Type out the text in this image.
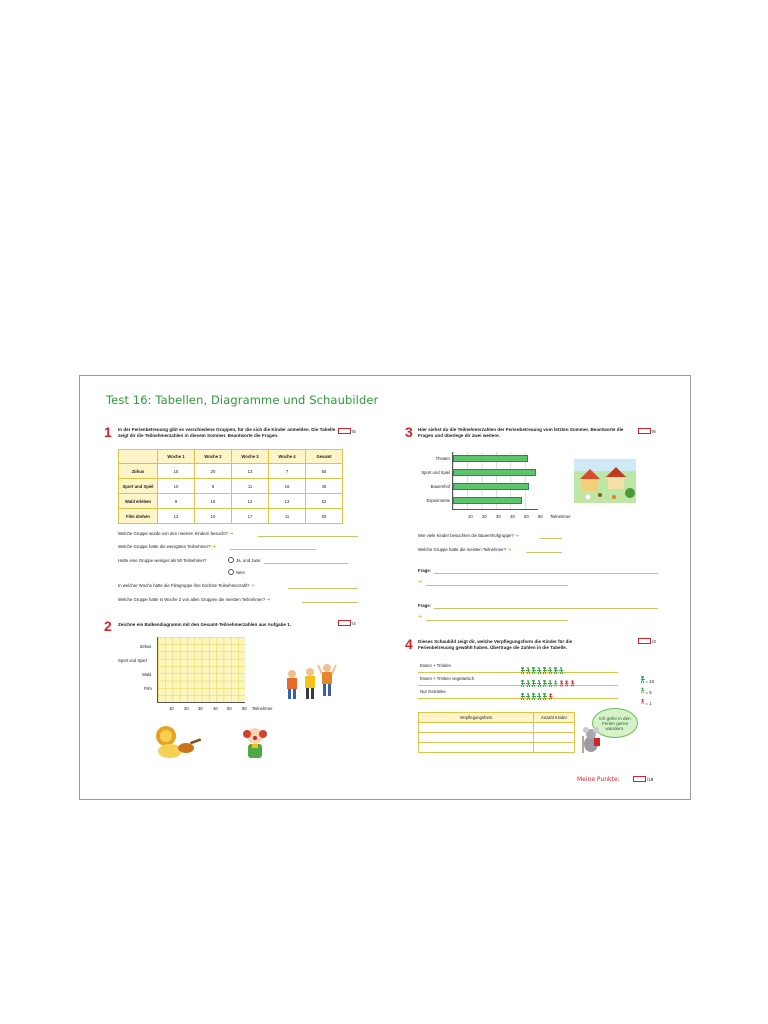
Test 16: Tabellen, Diagramme und Schaubilder
1 In der Ferienbetreuung gibt es verschiedene Gruppen, für die sich die Kinder anmelden. Die Tabelle zeigt dir die Teilnehmerzahlen in diesem Sommer. Beantworte die Fragen.
/5
	Woche 1	Woche 2	Woche 3	Woche 4	Gesamt
Zirkus	15	20	13	7	55
Sport und Spiel	10	8	11	16	45
Wald erleben	9	18	12	13	52
Film drehen	12	10	17	11	50
Welche Gruppe wurde von den meisten Kindern besucht? ➜
Welche Gruppe hatte die wenigsten Teilnehmer? ➜
Hatte eine Gruppe weniger als 50 Teilnehmer?	Ja, und zwar
Nein
In welcher Woche hatte die Filmgruppe ihre höchste Teilnehmerzahl? ➜
Welche Gruppe hatte in Woche 2 von allen Gruppen die meisten Teilnehmer? ➜
2 Zeichne ein Balkendiagramm mit den Gesamt-Teilnehmerzahlen aus Aufgabe 1.	/4
Zirkus
Sport und Spiel
Wald
Film
10 20 30 40 50 60 Teilnehmer
3 Hier siehst du die Teilnehmerzahlen der Ferienbetreuung vom letzten Sommer. Beantworte die Fragen und überlege dir zwei weitere.
/6
Theater
Sport und Spiel
Bauernhof
Experimente
10 20 30 40 50 60 Teilnehmer
Wie viele Kinder besuchten die Bauernhofgruppe? ➜
Welche Gruppe hatte die meisten Teilnehmer? ➜
Frage:
➜
Frage:
➜
4 Dieses Schaubild zeigt dir, welche Verpflegungsform die Kinder für die Ferienbetreuung gewählt haben. Übertrage die Zahlen in die Tabelle.
/3
Essen + Trinken
Essen + Trinken vegetarisch
Nur Getränke
= 10
= 5
= 1
Verpflegungsform	Anzahl Kinder

		Ich gehe in den Ferien gerne wandern.
Meine Punkte:	/18
